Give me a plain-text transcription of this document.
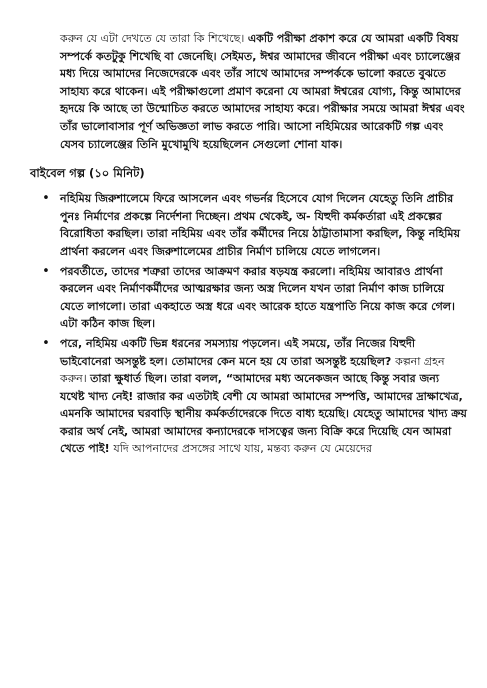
করুন যে এটা দেখতে যে তারা কি শিখেছে। একটি পরীক্ষা প্রকাশ করে যে আমরা একটি বিষয় সম্পর্কে কতটুকু শিখেছি বা জেনেছি। সেইমত, ঈশ্বর আমাদের জীবনে পরীক্ষা এবং চ্যালেঞ্জের মধ্য দিয়ে আমাদের নিজেদেরকে এবং তাঁর সাথে আমাদের সম্পর্ককে ভালো করতে বুঝতে সাহায্য করে থাকেন। এই পরীক্ষাগুলো প্রমাণ করেনা যে আমরা ঈশ্বরের যোগ্য, কিন্তু আমাদের হৃদয়ে কি আছে তা উন্মোচিত করতে আমাদের সাহায্য করে। পরীক্ষার সময়ে আমরা ঈশ্বর এবং তাঁর ভালোবাসার পূর্ণ অভিজ্ঞতা লাভ করতে পারি। আসো নহিমিয়ের আরেকটি গল্প এবং যেসব চ্যালেঞ্জের তিনি মুখোমুখি হয়েছিলেন সেগুলো শোনা যাক।

বাইবেল গল্প (১০ মিনিট)
• নহিমিয় জিরুশালেমে ফিরে আসলেন এবং গভর্নর হিসেবে যোগ দিলেন যেহেতু তিনি প্রাচীর পুনঃ নির্মাণের প্রকল্পে নির্দেশনা দিচ্ছেন। প্রথম থেকেই, অ- যিহুদী কর্মকর্তারা এই প্রকল্পের বিরোধিতা করছিল। তারা নহিমিয় এবং তাঁর কর্মীদের নিয়ে ঠাট্টাতামাসা করছিল, কিন্তু নহিমিয় প্রার্থনা করলেন এবং জিরুশালেমের প্রাচীর নির্মাণ চালিয়ে যেতে লাগলেন।
• পরবর্তীতে, তাদের শত্রুরা তাদের আক্রমণ করার ষড়যন্ত্র করলো। নহিমিয় আবারও প্রার্থনা করলেন এবং নির্মাণকর্মীদের আত্মরক্ষার জন্য অস্ত্র দিলেন যখন তারা নির্মাণ কাজ চালিয়ে যেতে লাগলো। তারা একহাতে অস্ত্র ধরে এবং আরেক হাতে যন্ত্রপাতি নিয়ে কাজ করে গেল। এটা কঠিন কাজ ছিল।
• পরে, নহিমিয় একটি ভিন্ন ধরনের সমস্যায় পড়লেন। এই সময়ে, তাঁর নিজের যিহুদী ভাইবোনেরা অসন্তুষ্ট হল। তোমাদের কেন মনে হয় যে তারা অসন্তুষ্ট হয়েছিল? কল্পনা গ্রহন করুন। তারা ক্ষুধার্ত ছিল। তারা বলল, “আমাদের মধ্য অনেকজন আছে কিন্তু সবার জন্য যথেষ্ট খাদ্য নেই! রাজার কর এতটাই বেশী যে আমরা আমাদের সম্পত্তি, আমাদের দ্রাক্ষাখেত্র, এমনকি আমাদের ঘরবাড়ি স্থানীয় কর্মকর্তাদেরকে দিতে বাধ্য হয়েছি। যেহেতু আমাদের খাদ্য ক্রয় করার অর্থ নেই, আমরা আমাদের কন্যাদেরকে দাসত্বের জন্য বিক্রি করে দিয়েছি যেন আমরা খেতে পাই! যদি আপনাদের প্রসঙ্গের সাথে যায়, মন্তব্য করুন যে মেয়েদের
